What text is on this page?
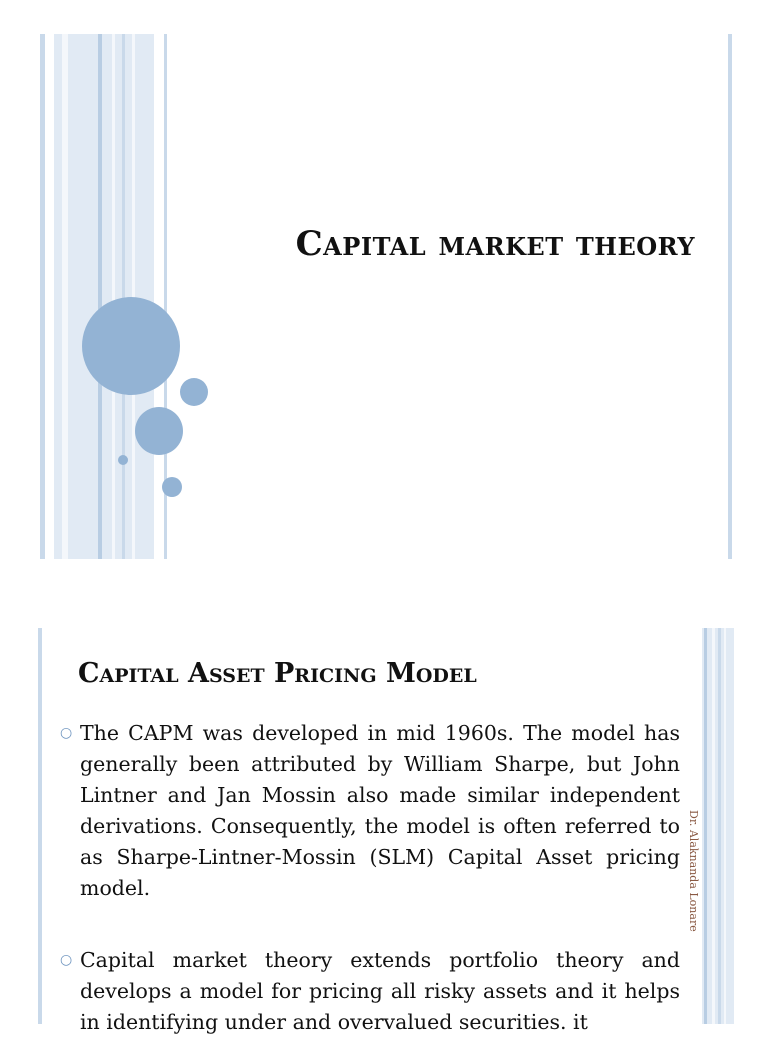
Capital market theory
Capital Asset Pricing Model
○ The CAPM was developed in mid 1960s. The model has generally been attributed by William Sharpe, but John Lintner and Jan Mossin also made similar independent derivations. Consequently, the model is often referred to as Sharpe-Lintner-Mossin (SLM) Capital Asset pricing model.
○ Capital market theory extends portfolio theory and develops a model for pricing all risky assets and it helps in identifying under and overvalued securities. it
Dr. Alaknanda Lonare
